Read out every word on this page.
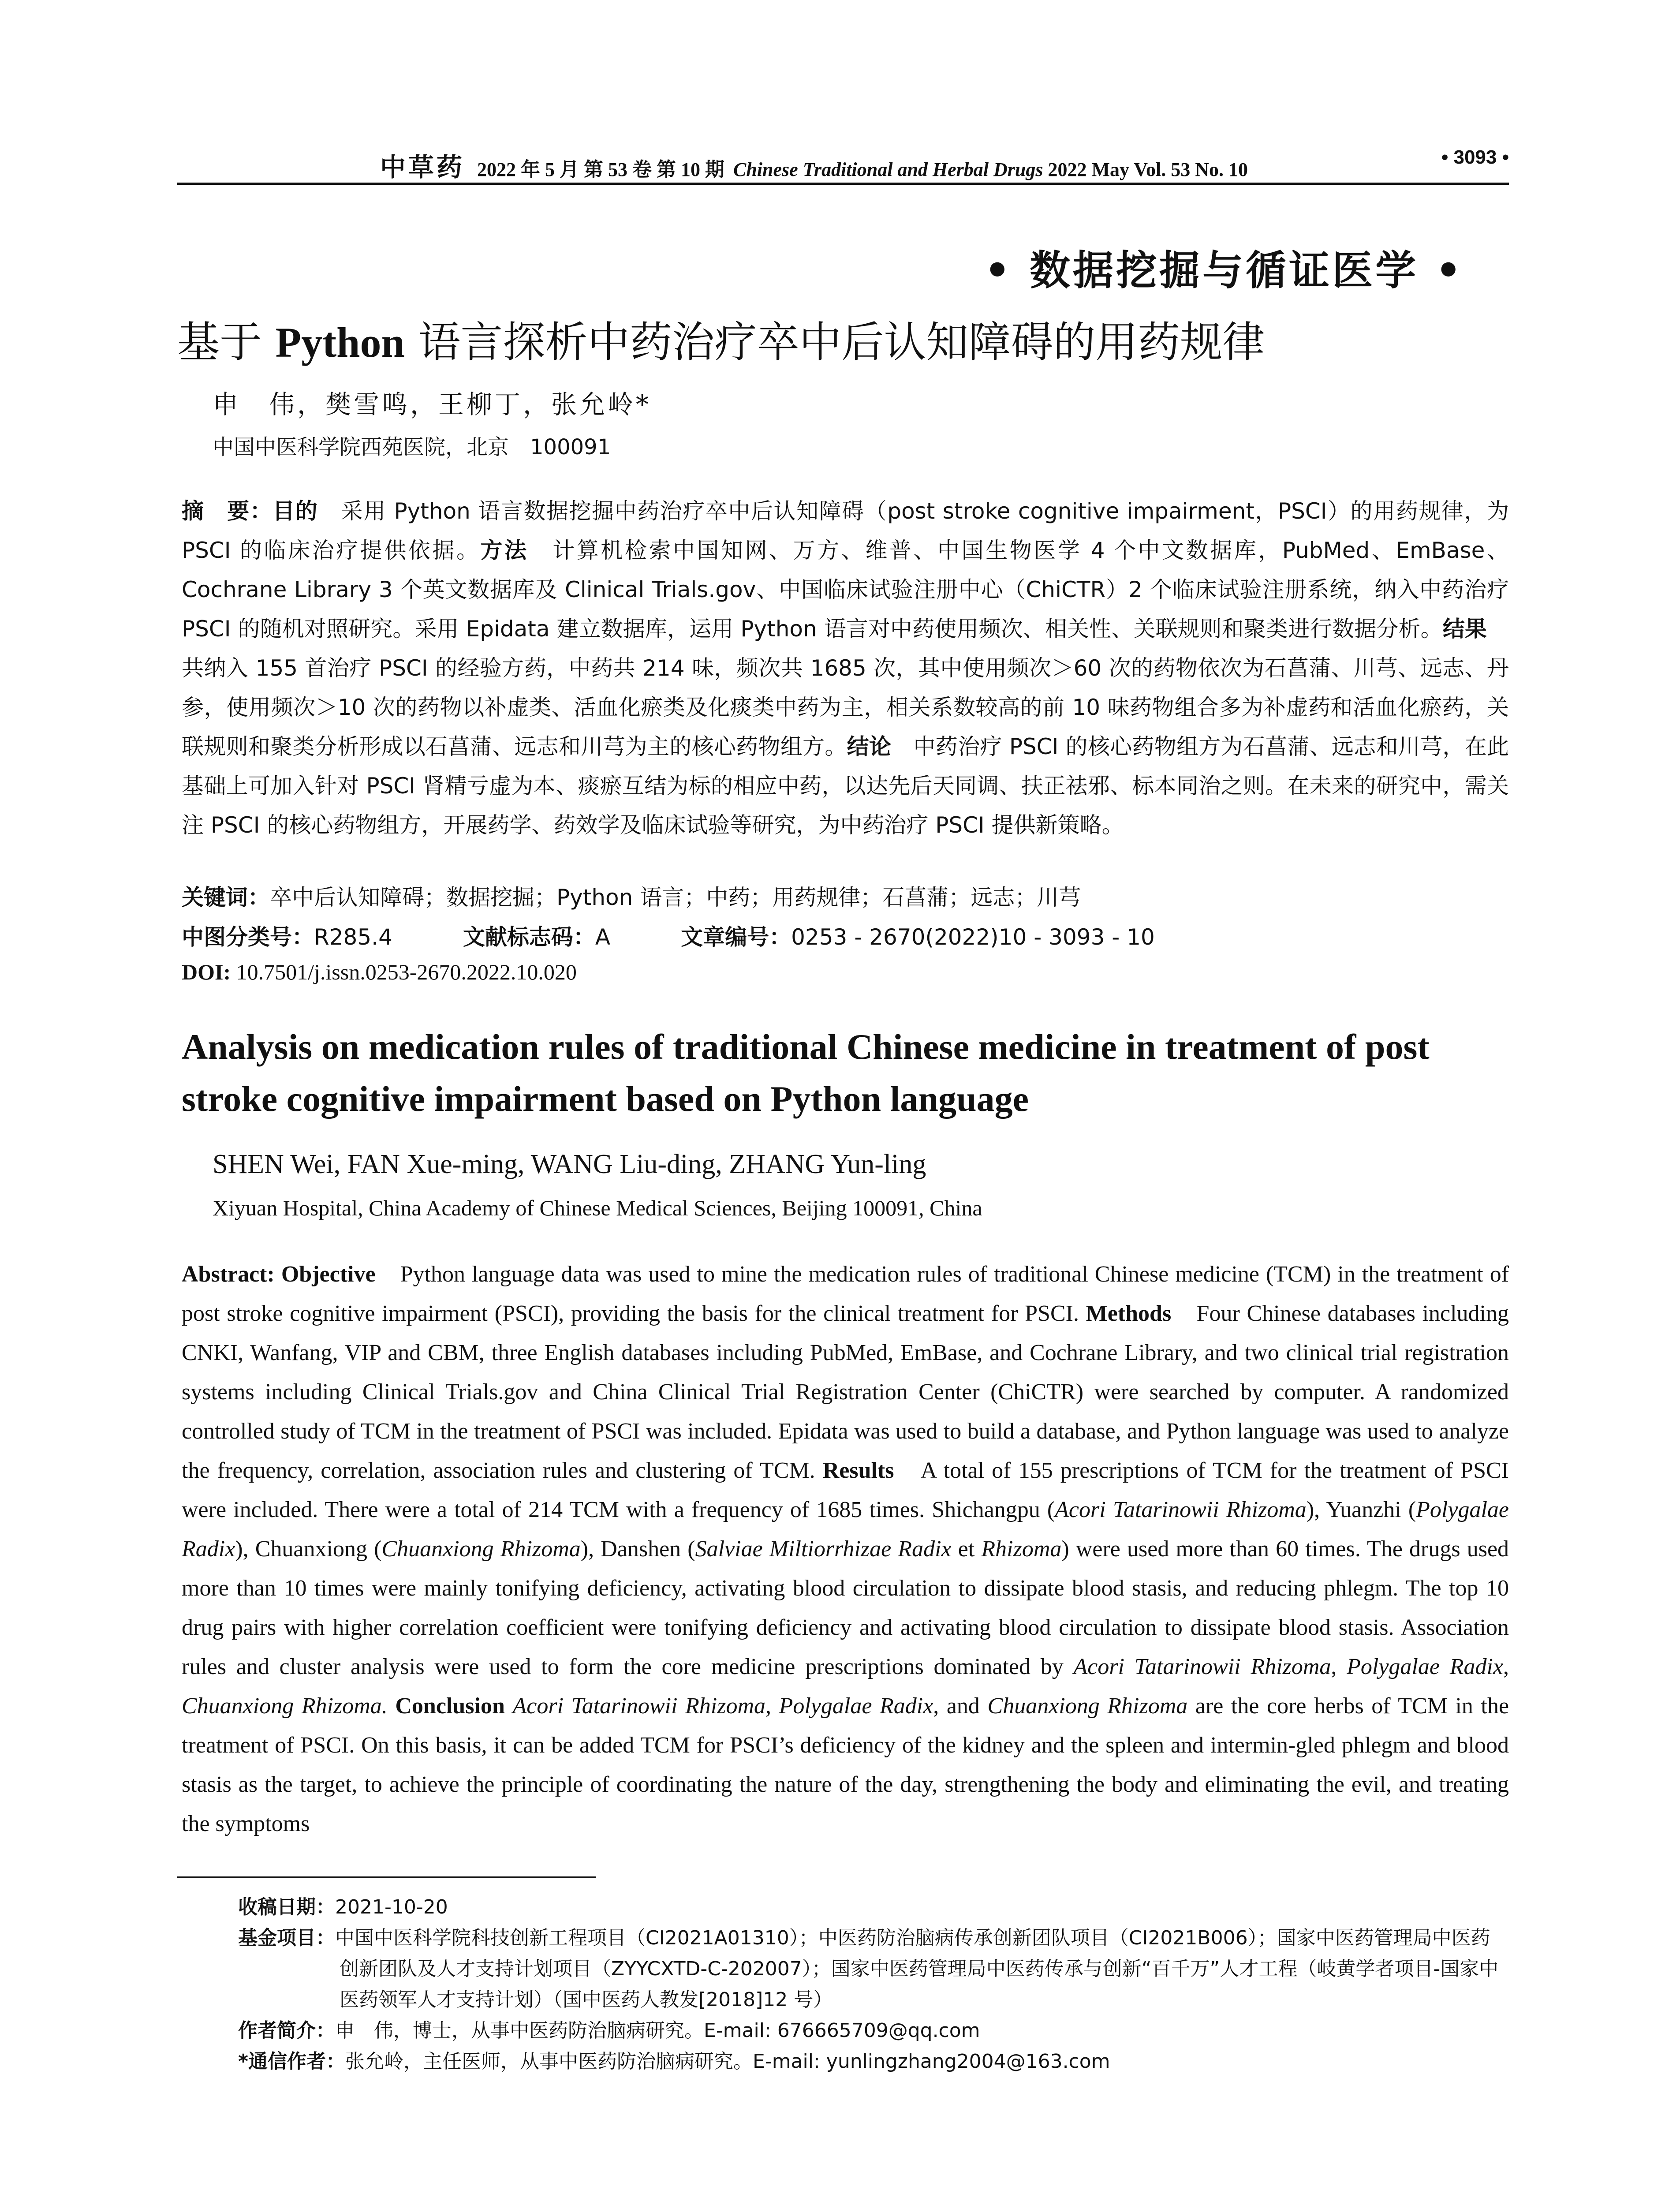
中草药 2022 年 5 月 第 53 卷 第 10 期 Chinese Traditional and Herbal Drugs 2022 May Vol. 53 No. 10
• 3093 •
• 数据挖掘与循证医学 •
基于 Python 语言探析中药治疗卒中后认知障碍的用药规律
申　伟，樊雪鸣，王柳丁，张允岭*
中国中医科学院西苑医院，北京　100091
摘　要：目的　采用 Python 语言数据挖掘中药治疗卒中后认知障碍（post stroke cognitive impairment，PSCI）的用药规律，为 PSCI 的临床治疗提供依据。方法　计算机检索中国知网、万方、维普、中国生物医学 4 个中文数据库，PubMed、EmBase、Cochrane Library 3 个英文数据库及 Clinical Trials.gov、中国临床试验注册中心（ChiCTR）2 个临床试验注册系统，纳入中药治疗 PSCI 的随机对照研究。采用 Epidata 建立数据库，运用 Python 语言对中药使用频次、相关性、关联规则和聚类进行数据分析。结果　共纳入 155 首治疗 PSCI 的经验方药，中药共 214 味，频次共 1685 次，其中使用频次＞60 次的药物依次为石菖蒲、川芎、远志、丹参，使用频次＞10 次的药物以补虚类、活血化瘀类及化痰类中药为主，相关系数较高的前 10 味药物组合多为补虚药和活血化瘀药，关联规则和聚类分析形成以石菖蒲、远志和川芎为主的核心药物组方。结论　中药治疗 PSCI 的核心药物组方为石菖蒲、远志和川芎，在此基础上可加入针对 PSCI 肾精亏虚为本、痰瘀互结为标的相应中药，以达先后天同调、扶正祛邪、标本同治之则。在未来的研究中，需关注 PSCI 的核心药物组方，开展药学、药效学及临床试验等研究，为中药治疗 PSCI 提供新策略。
关键词：卒中后认知障碍；数据挖掘；Python 语言；中药；用药规律；石菖蒲；远志；川芎
中图分类号：R285.4	文献标志码：A	文章编号：0253 - 2670(2022)10 - 3093 - 10
DOI: 10.7501/j.issn.0253-2670.2022.10.020
Analysis on medication rules of traditional Chinese medicine in treatment of post stroke cognitive impairment based on Python language
SHEN Wei, FAN Xue-ming, WANG Liu-ding, ZHANG Yun-ling
Xiyuan Hospital, China Academy of Chinese Medical Sciences, Beijing 100091, China
Abstract: Objective　Python language data was used to mine the medication rules of traditional Chinese medicine (TCM) in the treatment of post stroke cognitive impairment (PSCI), providing the basis for the clinical treatment for PSCI. Methods　Four Chinese databases including CNKI, Wanfang, VIP and CBM, three English databases including PubMed, EmBase, and Cochrane Library, and two clinical trial registration systems including Clinical Trials.gov and China Clinical Trial Registration Center (ChiCTR) were searched by computer. A randomized controlled study of TCM in the treatment of PSCI was included. Epidata was used to build a database, and Python language was used to analyze the frequency, correlation, association rules and clustering of TCM. Results　A total of 155 prescriptions of TCM for the treatment of PSCI were included. There were a total of 214 TCM with a frequency of 1685 times. Shichangpu (Acori Tatarinowii Rhizoma), Yuanzhi (Polygalae Radix), Chuanxiong (Chuanxiong Rhizoma), Danshen (Salviae Miltiorrhizae Radix et Rhizoma) were used more than 60 times. The drugs used more than 10 times were mainly tonifying deficiency, activating blood circulation to dissipate blood stasis, and reducing phlegm. The top 10 drug pairs with higher correlation coefficient were tonifying deficiency and activating blood circulation to dissipate blood stasis. Association rules and cluster analysis were used to form the core medicine prescriptions dominated by Acori Tatarinowii Rhizoma, Polygalae Radix, Chuanxiong Rhizoma. Conclusion Acori Tatarinowii Rhizoma, Polygalae Radix, and Chuanxiong Rhizoma are the core herbs of TCM in the treatment of PSCI. On this basis, it can be added TCM for PSCI’s deficiency of the kidney and the spleen and intermin-gled phlegm and blood stasis as the target, to achieve the principle of coordinating the nature of the day, strengthening the body and eliminating the evil, and treating the symptoms
收稿日期：2021-10-20
基金项目：中国中医科学院科技创新工程项目（CI2021A01310）；中医药防治脑病传承创新团队项目（CI2021B006）；国家中医药管理局中医药创新团队及人才支持计划项目（ZYYCXTD-C-202007）；国家中医药管理局中医药传承与创新“百千万”人才工程（岐黄学者项目-国家中医药领军人才支持计划）（国中医药人教发[2018]12 号）
作者简介：申　伟，博士，从事中医药防治脑病研究。E-mail: 676665709@qq.com
*通信作者：张允岭，主任医师，从事中医药防治脑病研究。E-mail: yunlingzhang2004@163.com
